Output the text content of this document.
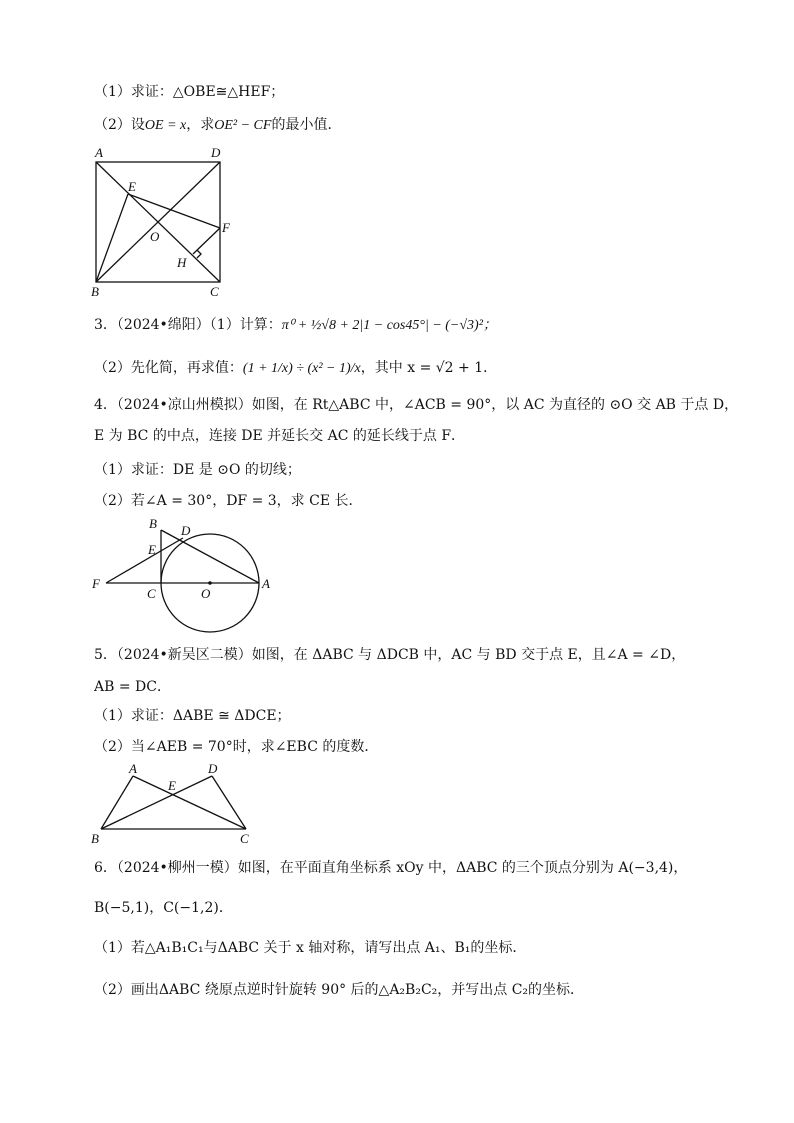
（1）求证：△OBE≅△HEF；
（2）设OE = x，求OE² − CF的最小值．
A	D
E
O
F
H
B	C
3．（2024•绵阳）（1）计算：π⁰ + ½√8 + 2|1 − cos45°| − (−√3)²；
（2）先化简，再求值：(1 + 1/x) ÷ (x² − 1)/x，其中 x = √2 + 1．
4．（2024•凉山州模拟）如图，在 Rt△ABC 中，∠ACB = 90°，以 AC 为直径的 ⊙O 交 AB 于点 D，
E 为 BC 的中点，连接 DE 并延长交 AC 的延长线于点 F．
（1）求证：DE 是 ⊙O 的切线；
（2）若∠A = 30°，DF = 3，求 CE 长．
B D
E
F
C	O
A
5．（2024•新吴区二模）如图，在 ΔABC 与 ΔDCB 中，AC 与 BD 交于点 E，且∠A = ∠D，
AB = DC．
（1）求证：ΔABE ≅ ΔDCE；
（2）当∠AEB = 70°时，求∠EBC 的度数．
A	D
E
B	C
6．（2024•柳州一模）如图，在平面直角坐标系 xOy 中，ΔABC 的三个顶点分别为 A(−3,4)，
B(−5,1)，C(−1,2)．
（1）若△A₁B₁C₁与ΔABC 关于 x 轴对称，请写出点 A₁、B₁的坐标．
（2）画出ΔABC 绕原点逆时针旋转 90° 后的△A₂B₂C₂，并写出点 C₂的坐标．
